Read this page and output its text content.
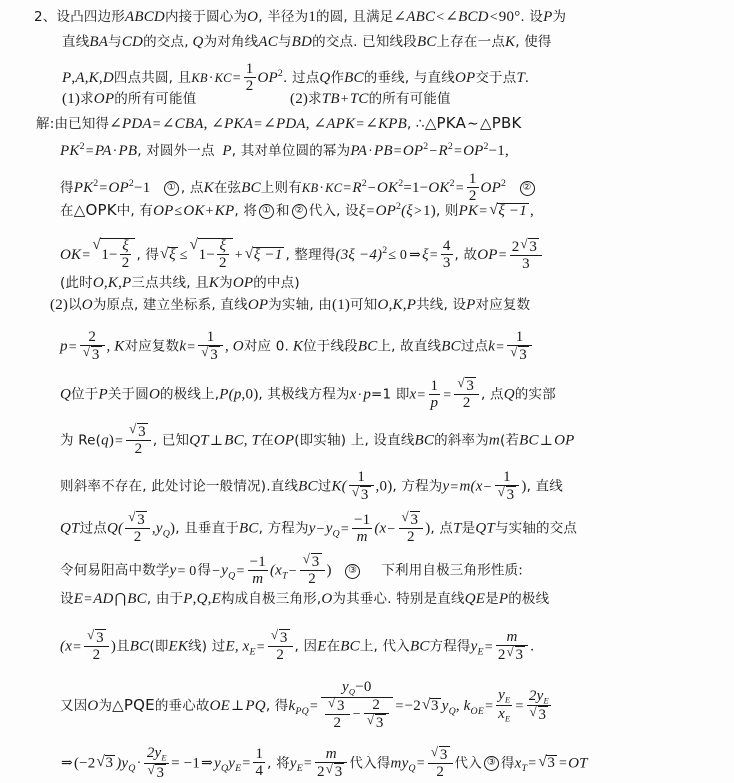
2、设凸四边形ABCD内接于圆心为O, 半径为1的圆, 且满足∠ABC<∠BCD<90°. 设P为
直线BA与CD的交点, Q为对角线AC与BD的交点. 已知线段BC上存在一点K, 使得
P,A,K,D四点共圆, 且$KB\cdot KC= \frac{1}{2} OP^2$. 过点Q作BC的垂线, 与直线OP交于点T.
(1)求OP的所有可能值	(2)求TB+TC的所有可能值
解:由已知得∠PDA=∠CBA, ∠PKA=∠PDA, ∠APK=∠KPB, ∴△PKA∼△PBK
$PK^2=PA\cdot PB$, 对圆外一点 P, 其对单位圆的幂为$PA\cdot PB=OP^2-R^2=OP^2-1$,
得$PK^2=OP^2-1$ ① , 点K在弦BC上则有$KB\cdot KC=R^2-OK^2=1-OK^2= \frac{1}{2} OP^2$ ②
在△OPK中, 有OP≤OK+KP, 将 ① 和 ② 代入, 设$\xi=OP^2(\xi>1)$, 则PK= √ ξ −1 ,
OK= √ $1- \frac{\xi}{2}$ , 得 √ ξ ≤ √ $1- \frac{\xi}{2}$ + √ ξ −1 , 整理得$(3\xi -4)^2\le 0$ ⇒ξ= $\frac{4}{3}$ , 故$OP= \frac{2 √ 3}{3}$
(此时O,K,P三点共线, 且K为OP的中点)
(2)以O为原点, 建立坐标系, 直线OP为实轴, 由(1)可知O,K,P共线, 设P对应复数
p= 2
√ 3 , K对应复数k= 1
√ 3 , O对应 0. K位于线段BC上, 故直线BC过点k= 1
√ 3
Q位于P关于圆O的极线上,P(p,0), 其极线方程为x·p=1 即$x= \frac{1}{p}$ = √ $\frac{3}{2}$ , 点Q的实部
为 Re(q)= √ $\frac{3}{2}$ , 已知QT⊥BC, T在OP(即实轴) 上, 设直线BC的斜率为m(若BC⊥OP
则斜率不存在, 此处讨论一般情况).直线BC过K( 1
√ 3 ,0), 方程为y=m(x− 1
√ 3 ), 直线
QT过点Q( √ $\frac{3}{2} ,y_Q$), 且垂直于BC, 方程为$y-y_Q= \frac{-1}{m} (x-$ √ $\frac{3}{2}$ ), 点T是QT与实轴的交点
令何易阳高中数学y= 0得$-y_Q= \frac{-1}{m} (x_T-$ √ $\frac{3}{2}$ ) ③ 下利用自极三角形性质:
设E=AD⋂BC, 由于P,Q,E构成自极三角形,O为其垂心. 特别是直线QE是P的极线
(x= √ $\frac{3}{2}$ )且BC(即EK线) 过E, $x_E=$ √ $\frac{3}{2}$ , 因E在BC上, 代入BC方程得$y_E= \frac{m}{2 √ 3}$ .
又因O为△PQE的垂心故OE⊥PQ, 得$k_{PQ}= y_Q-0$
√ $\frac{3}{2} - 2$
√ 3 =−2 √ 3 $y_Q$, $k_{OE}= \frac{y_E}{x_E} = 2y_E$
√ 3
⇒(−2 √ 3 )$y_Q\cdot 2y_E$
√ $3 = -1\Rightarrow y_Qy_E= \frac{1}{4}$ , 将$y_E= \frac{m}{2 √ 3}$ 代入得$my_Q=$ √ $\frac{3}{2}$ 代入 ③ 得$x_T=$ √ 3 =OT
